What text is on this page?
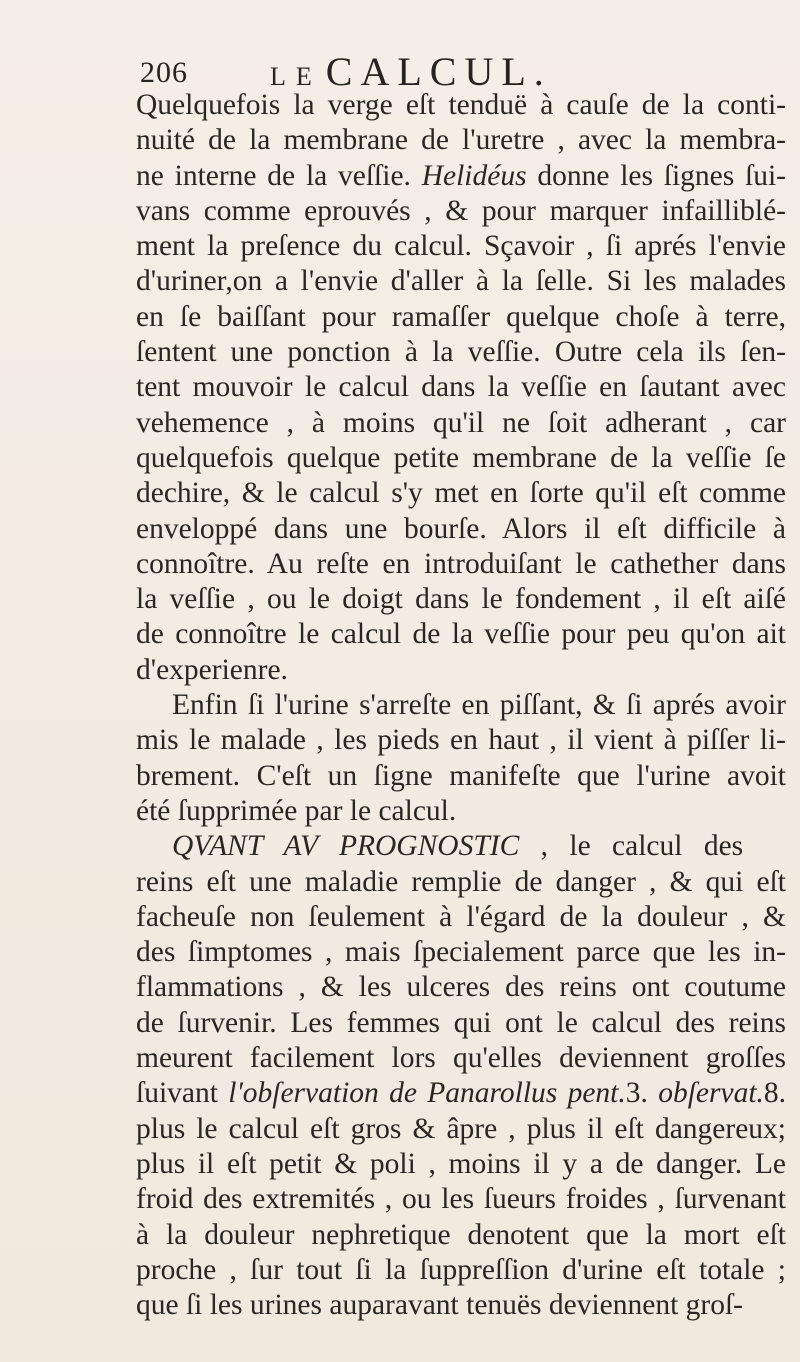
206	LE CALCUL.
Quelquefois la verge eſt tenduë à cauſe de la conti-
nuité de la membrane de l'uretre , avec la membra-
ne interne de la veſſie. Helidéus donne les ſignes ſui-
vans comme eprouvés , & pour marquer infailliblé-
ment la preſence du calcul. Sçavoir , ſi aprés l'envie
d'uriner,on a l'envie d'aller à la ſelle. Si les malades
en ſe baiſſant pour ramaſſer quelque choſe à terre,
ſentent une ponction à la veſſie. Outre cela ils ſen-
tent mouvoir le calcul dans la veſſie en ſautant avec
vehemence , à moins qu'il ne ſoit adherant , car
quelquefois quelque petite membrane de la veſſie ſe
dechire, & le calcul s'y met en ſorte qu'il eſt comme
enveloppé dans une bourſe. Alors il eſt difficile à
connoître. Au reſte en introduiſant le cathether dans
la veſſie , ou le doigt dans le fondement , il eſt aiſé
de connoître le calcul de la veſſie pour peu qu'on ait
d'experienre.
Enfin ſi l'urine s'arreſte en piſſant, & ſi aprés avoir
mis le malade , les pieds en haut , il vient à piſſer li-
brement. C'eſt un ſigne manifeſte que l'urine avoit
été ſupprimée par le calcul.
QVANT AV PROGNOSTIC , le calcul des
reins eſt une maladie remplie de danger , & qui eſt
facheuſe non ſeulement à l'égard de la douleur , &
des ſimptomes , mais ſpecialement parce que les in-
flammations , & les ulceres des reins ont coutume
de ſurvenir. Les femmes qui ont le calcul des reins
meurent facilement lors qu'elles deviennent groſſes
ſuivant l'obſervation de Panarollus pent.3. obſervat.8.
plus le calcul eſt gros & âpre , plus il eſt dangereux;
plus il eſt petit & poli , moins il y a de danger. Le
froid des extremités , ou les ſueurs froides , ſurvenant
à la douleur nephretique denotent que la mort eſt
proche , ſur tout ſi la ſuppreſſion d'urine eſt totale ;
que ſi les urines auparavant tenuës deviennent groſ-
